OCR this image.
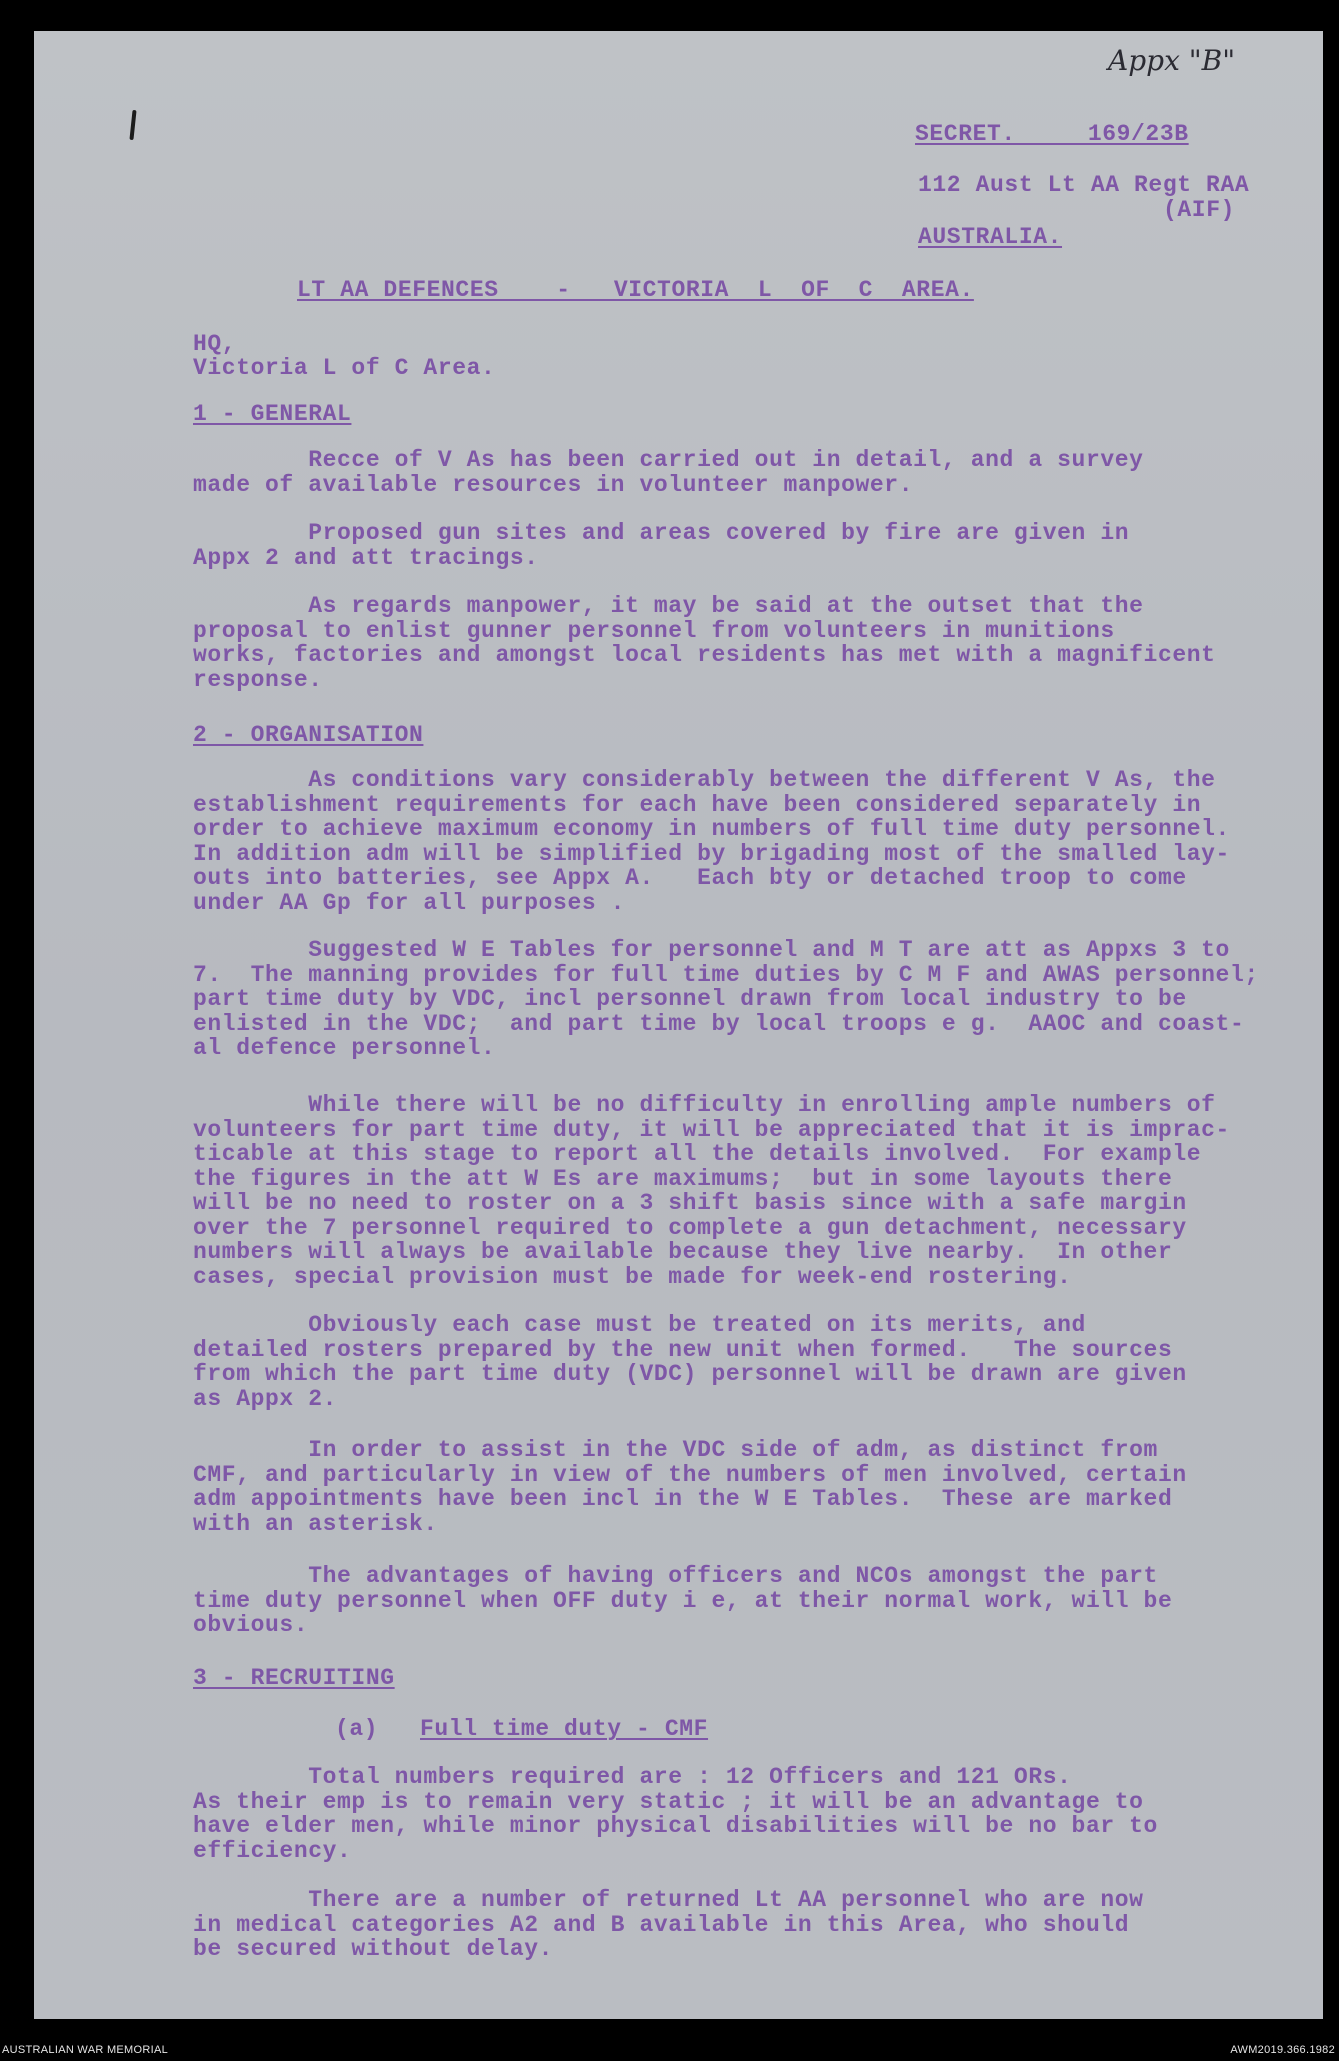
Appx "B"
SECRET.     169/23B
112 Aust Lt AA Regt RAA
(AIF)
AUSTRALIA.
LT AA DEFENCES    -   VICTORIA  L  OF  C  AREA.
HQ,
Victoria L of C Area.
1 - GENERAL
Recce of V As has been carried out in detail, and a survey
made of available resources in volunteer manpower.
Proposed gun sites and areas covered by fire are given in
Appx 2 and att tracings.
As regards manpower, it may be said at the outset that the
proposal to enlist gunner personnel from volunteers in munitions
works, factories and amongst local residents has met with a magnificent
response.
2 - ORGANISATION
As conditions vary considerably between the different V As, the
establishment requirements for each have been considered separately in
order to achieve maximum economy in numbers of full time duty personnel.
In addition adm will be simplified by brigading most of the smalled lay-
outs into batteries, see Appx A.   Each bty or detached troop to come
under AA Gp for all purposes .
Suggested W E Tables for personnel and M T are att as Appxs 3 to
7.  The manning provides for full time duties by C M F and AWAS personnel;
part time duty by VDC, incl personnel drawn from local industry to be
enlisted in the VDC;  and part time by local troops e g.  AAOC and coast-
al defence personnel.
While there will be no difficulty in enrolling ample numbers of
volunteers for part time duty, it will be appreciated that it is imprac-
ticable at this stage to report all the details involved.  For example
the figures in the att W Es are maximums;  but in some layouts there
will be no need to roster on a 3 shift basis since with a safe margin
over the 7 personnel required to complete a gun detachment, necessary
numbers will always be available because they live nearby.  In other
cases, special provision must be made for week-end rostering.
Obviously each case must be treated on its merits, and
detailed rosters prepared by the new unit when formed.   The sources
from which the part time duty (VDC) personnel will be drawn are given
as Appx 2.
In order to assist in the VDC side of adm, as distinct from
CMF, and particularly in view of the numbers of men involved, certain
adm appointments have been incl in the W E Tables.  These are marked
with an asterisk.
The advantages of having officers and NCOs amongst the part
time duty personnel when OFF duty i e, at their normal work, will be
obvious.
3 - RECRUITING
(a) Full time duty - CMF
Total numbers required are : 12 Officers and 121 ORs.
As their emp is to remain very static ; it will be an advantage to
have elder men, while minor physical disabilities will be no bar to
efficiency.
There are a number of returned Lt AA personnel who are now
in medical categories A2 and B available in this Area, who should
be secured without delay.
AUSTRALIAN WAR MEMORIAL	AWM2019.366.1982
